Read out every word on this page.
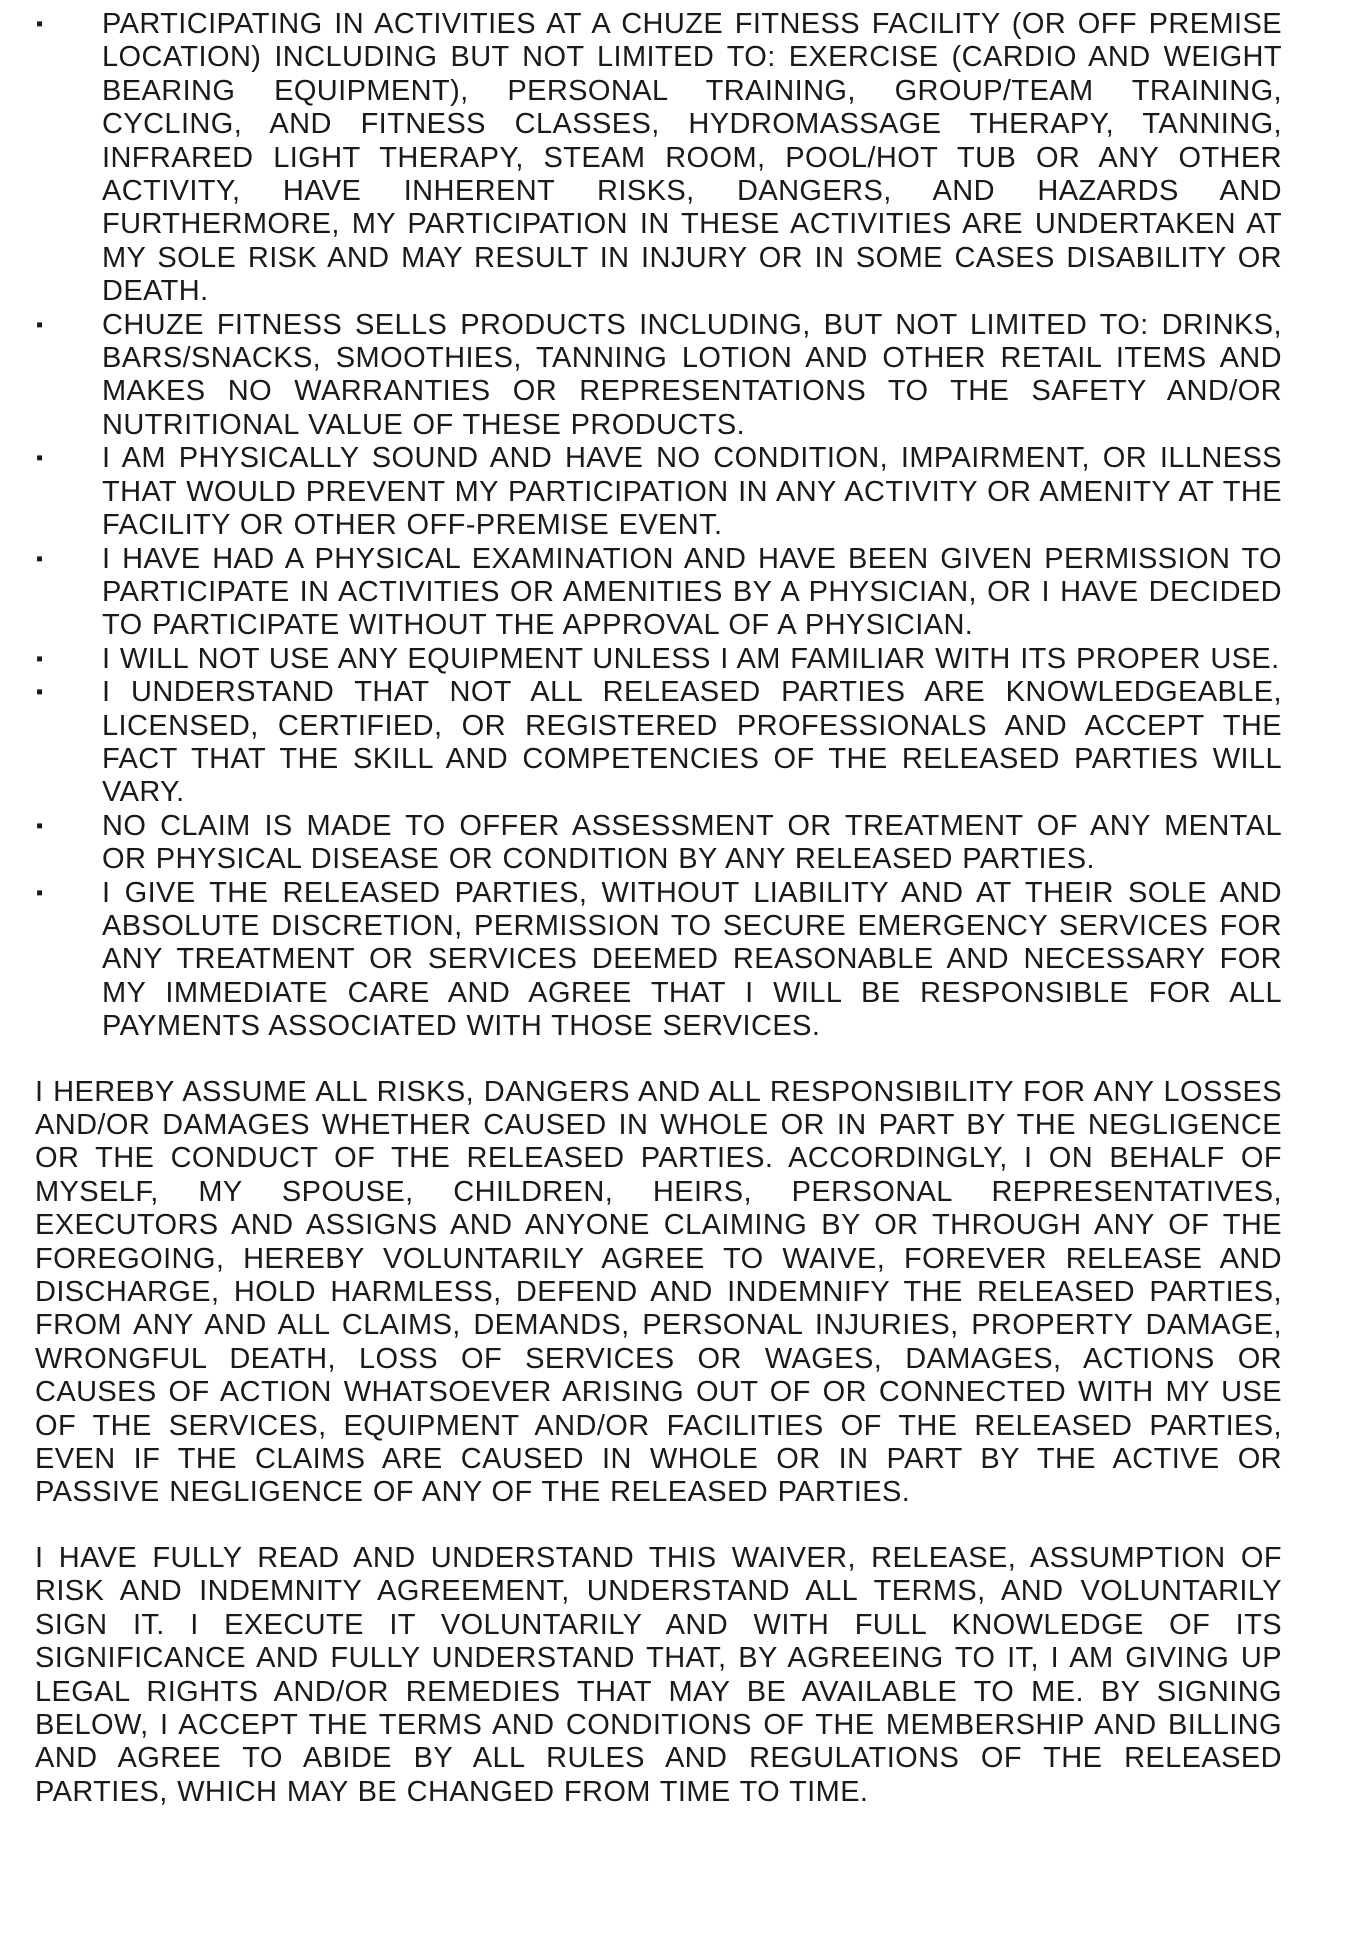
▪ PARTICIPATING IN ACTIVITIES AT A CHUZE FITNESS FACILITY (OR OFF PREMISE LOCATION) INCLUDING BUT NOT LIMITED TO: EXERCISE (CARDIO AND WEIGHT BEARING EQUIPMENT), PERSONAL TRAINING, GROUP/TEAM TRAINING, CYCLING, AND FITNESS CLASSES, HYDROMASSAGE THERAPY, TANNING, INFRARED LIGHT THERAPY, STEAM ROOM, POOL/HOT TUB OR ANY OTHER ACTIVITY, HAVE INHERENT RISKS, DANGERS, AND HAZARDS AND FURTHERMORE, MY PARTICIPATION IN THESE ACTIVITIES ARE UNDERTAKEN AT MY SOLE RISK AND MAY RESULT IN INJURY OR IN SOME CASES DISABILITY OR DEATH.
▪ CHUZE FITNESS SELLS PRODUCTS INCLUDING, BUT NOT LIMITED TO: DRINKS, BARS/SNACKS, SMOOTHIES, TANNING LOTION AND OTHER RETAIL ITEMS AND MAKES NO WARRANTIES OR REPRESENTATIONS TO THE SAFETY AND/OR NUTRITIONAL VALUE OF THESE PRODUCTS.
▪ I AM PHYSICALLY SOUND AND HAVE NO CONDITION, IMPAIRMENT, OR ILLNESS THAT WOULD PREVENT MY PARTICIPATION IN ANY ACTIVITY OR AMENITY AT THE FACILITY OR OTHER OFF-PREMISE EVENT.
▪ I HAVE HAD A PHYSICAL EXAMINATION AND HAVE BEEN GIVEN PERMISSION TO PARTICIPATE IN ACTIVITIES OR AMENITIES BY A PHYSICIAN, OR I HAVE DECIDED TO PARTICIPATE WITHOUT THE APPROVAL OF A PHYSICIAN.
▪ I WILL NOT USE ANY EQUIPMENT UNLESS I AM FAMILIAR WITH ITS PROPER USE.
▪ I UNDERSTAND THAT NOT ALL RELEASED PARTIES ARE KNOWLEDGEABLE, LICENSED, CERTIFIED, OR REGISTERED PROFESSIONALS AND ACCEPT THE FACT THAT THE SKILL AND COMPETENCIES OF THE RELEASED PARTIES WILL VARY.
▪ NO CLAIM IS MADE TO OFFER ASSESSMENT OR TREATMENT OF ANY MENTAL OR PHYSICAL DISEASE OR CONDITION BY ANY RELEASED PARTIES.
▪ I GIVE THE RELEASED PARTIES, WITHOUT LIABILITY AND AT THEIR SOLE AND ABSOLUTE DISCRETION, PERMISSION TO SECURE EMERGENCY SERVICES FOR ANY TREATMENT OR SERVICES DEEMED REASONABLE AND NECESSARY FOR MY IMMEDIATE CARE AND AGREE THAT I WILL BE RESPONSIBLE FOR ALL PAYMENTS ASSOCIATED WITH THOSE SERVICES.

I HEREBY ASSUME ALL RISKS, DANGERS AND ALL RESPONSIBILITY FOR ANY LOSSES AND/OR DAMAGES WHETHER CAUSED IN WHOLE OR IN PART BY THE NEGLIGENCE OR THE CONDUCT OF THE RELEASED PARTIES. ACCORDINGLY, I ON BEHALF OF MYSELF, MY SPOUSE, CHILDREN, HEIRS, PERSONAL REPRESENTATIVES, EXECUTORS AND ASSIGNS AND ANYONE CLAIMING BY OR THROUGH ANY OF THE FOREGOING, HEREBY VOLUNTARILY AGREE TO WAIVE, FOREVER RELEASE AND DISCHARGE, HOLD HARMLESS, DEFEND AND INDEMNIFY THE RELEASED PARTIES, FROM ANY AND ALL CLAIMS, DEMANDS, PERSONAL INJURIES, PROPERTY DAMAGE, WRONGFUL DEATH, LOSS OF SERVICES OR WAGES, DAMAGES, ACTIONS OR CAUSES OF ACTION WHATSOEVER ARISING OUT OF OR CONNECTED WITH MY USE OF THE SERVICES, EQUIPMENT AND/OR FACILITIES OF THE RELEASED PARTIES, EVEN IF THE CLAIMS ARE CAUSED IN WHOLE OR IN PART BY THE ACTIVE OR PASSIVE NEGLIGENCE OF ANY OF THE RELEASED PARTIES.

I HAVE FULLY READ AND UNDERSTAND THIS WAIVER, RELEASE, ASSUMPTION OF RISK AND INDEMNITY AGREEMENT, UNDERSTAND ALL TERMS, AND VOLUNTARILY SIGN IT. I EXECUTE IT VOLUNTARILY AND WITH FULL KNOWLEDGE OF ITS SIGNIFICANCE AND FULLY UNDERSTAND THAT, BY AGREEING TO IT, I AM GIVING UP LEGAL RIGHTS AND/OR REMEDIES THAT MAY BE AVAILABLE TO ME. BY SIGNING BELOW, I ACCEPT THE TERMS AND CONDITIONS OF THE MEMBERSHIP AND BILLING AND AGREE TO ABIDE BY ALL RULES AND REGULATIONS OF THE RELEASED PARTIES, WHICH MAY BE CHANGED FROM TIME TO TIME.
